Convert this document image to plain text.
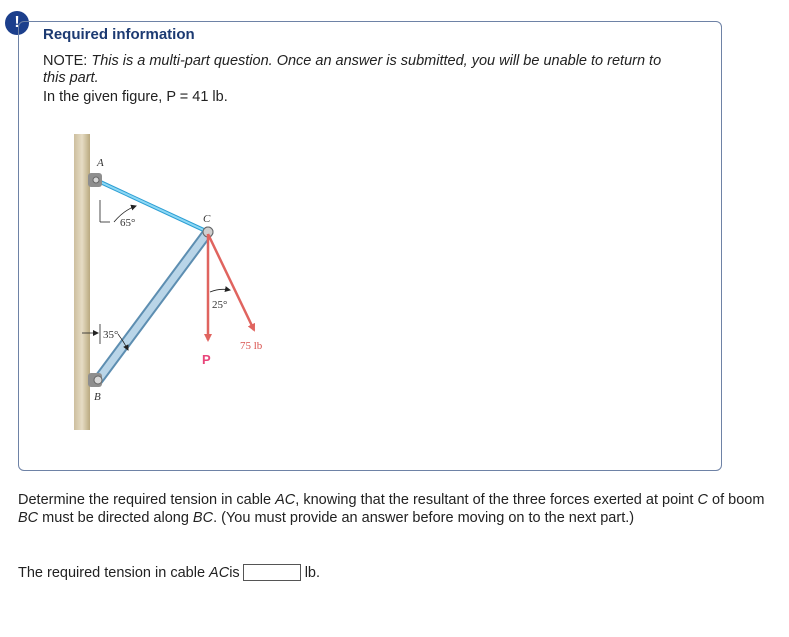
!
Required information
NOTE: This is a multi-part question. Once an answer is submitted, you will be unable to return to this part.
In the given figure, P = 41 lb.
A
B
C
65°
35°
25°
75 lb
P
Determine the required tension in cable AC, knowing that the resultant of the three forces exerted at point C of boom BC must be directed along BC. (You must provide an answer before moving on to the next part.)
The required tension in cable
AC is	lb.
